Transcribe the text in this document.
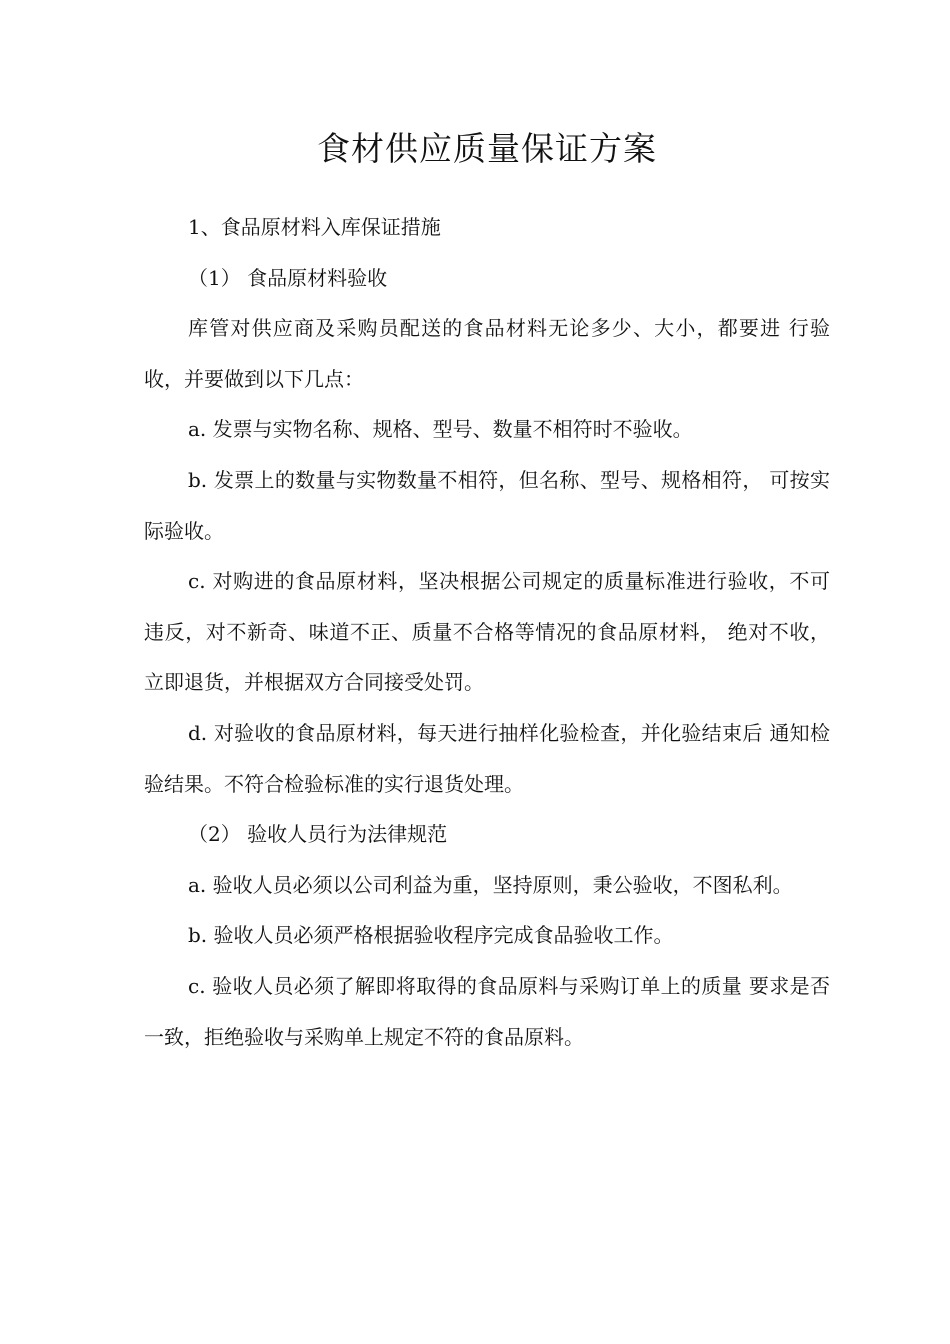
食材供应质量保证方案

1、食品原材料入库保证措施

（1） 食品原材料验收

库管对供应商及采购员配送的食品材料无论多少、大小，都要进 行验收，并要做到以下几点：

a. 发票与实物名称、规格、型号、数量不相符时不验收。

b. 发票上的数量与实物数量不相符，但名称、型号、规格相符， 可按实际验收。

c. 对购进的食品原材料，坚决根据公司规定的质量标准进行验收，不可违反，对不新奇、味道不正、质量不合格等情况的食品原材料， 绝对不收，立即退货，并根据双方合同接受处罚。

d. 对验收的食品原材料，每天进行抽样化验检查，并化验结束后 通知检验结果。不符合检验标准的实行退货处理。

（2） 验收人员行为法律规范

a. 验收人员必须以公司利益为重，坚持原则，秉公验收，不图私利。

b. 验收人员必须严格根据验收程序完成食品验收工作。

c. 验收人员必须了解即将取得的食品原料与采购订单上的质量 要求是否一致，拒绝验收与采购单上规定不符的食品原料。
